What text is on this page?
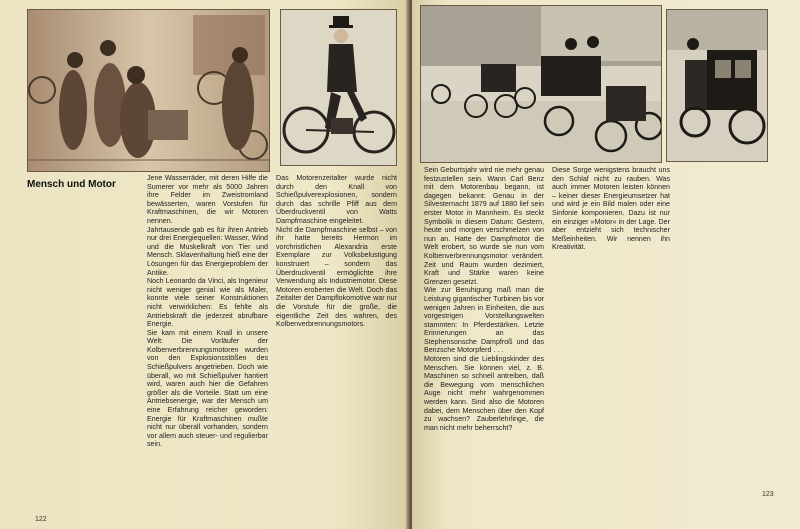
Mensch und Motor
Jene Wasserräder, mit deren Hilfe die Sumerer vor mehr als 5000 Jahren ihre Felder im Zweistromland bewässerten, waren Vorstufen für Kraftmaschinen, die wir Motoren nennen.
Jahrtausende gab es für ihren Antrieb nur drei Energiequellen: Wasser, Wind und die Muskelkraft von Tier und Mensch. Sklavenhaltung hieß eine der Lösungen für das Energieproblem der Antike.
Noch Leonardo da Vinci, als Ingenieur nicht weniger genial wie als Maler, konnte viele seiner Konstruktionen nicht verwirklichen: Es fehlte als Antriebskraft die jederzeit abrufbare Energie.
Sie kam mit einem Knall in unsere Welt: Die Vorläufer der Kolbenverbrennungsmotoren wurden von den Explosionsstößen des Schießpulvers angetrieben. Doch wie überall, wo mit Schießpulver hantiert wird, waren auch hier die Gefahren größer als die Vorteile. Statt um eine Antriebsenergie, war der Mensch um eine Erfahrung reicher geworden: Energie für Kraftmaschinen mußte nicht nur überall vorhanden, sondern vor allem auch steuer- und regulierbar sein.
Das Motorenzeitalter wurde nicht durch den Knall von Schießpulverexplosionen, sondern durch das schrille Pfiff aus dem Überdruckventil von Watts Dampfmaschine eingeleitet.
Nicht die Dampfmaschine selbst – von ihr hatte bereits Hermon im vorchristlichen Alexandria erste Exemplare zur Volksbelustigung konstruiert – sondern das Überdruckventil ermöglichte ihre Verwendung als Industriemotor. Diese Motoren eroberten die Welt. Doch das Zeitalter der Dampflokomotive war nur die Vorstufe für die große, die eigentliche Zeit des wahren, des Kolbenverbrennungsmotors.
122
Sein Geburtsjahr wird nie mehr genau festzustellen sein. Wann Carl Benz mit dem Motorenbau begann, ist dagegen bekannt: Genau in der Silvesternacht 1879 auf 1880 lief sein erster Motor in Mannheim. Es steckt Symbolik in diesem Datum: Gestern, heute und morgen verschmelzen von nun an. Hatte der Dampfmotor die Welt erobert, so wurde sie nun vom Kolbenverbrennungsmotor verändert. Zeit und Raum wurden dezimiert, Kraft und Stärke waren keine Grenzen gesetzt.
Wie zur Beruhigung maß man die Leistung gigantischer Turbinen bis vor wenigen Jahren in Einheiten, die aus vorgestrigen Vorstellungswelten stammten: In Pferdestärken. Letzte Erinnerungen an das Stephensonsche Dampfroß und das Benzsche Motorpferd . . .
Motoren sind die Lieblingskinder des Menschen. Sie können viel, z. B. Maschinen so schnell antreiben, daß die Bewegung vom menschlichen Auge nicht mehr wahrgenommen werden kann. Sind also die Motoren dabei, dem Menschen über den Kopf zu wachsen? Zauberlehrlinge, die man nicht mehr beherrscht?
Diese Sorge wenigstens braucht uns den Schlaf nicht zu rauben. Was auch immer Motoren leisten können – keiner dieser Energieumsetzer hat und wird je ein Bild malen oder eine Sinfonie komponieren. Dazu ist nur ein einziger »Motor« in der Lage. Der aber entzieht sich technischer Meßeinheiten. Wir nennen ihn Kreativität.
123
